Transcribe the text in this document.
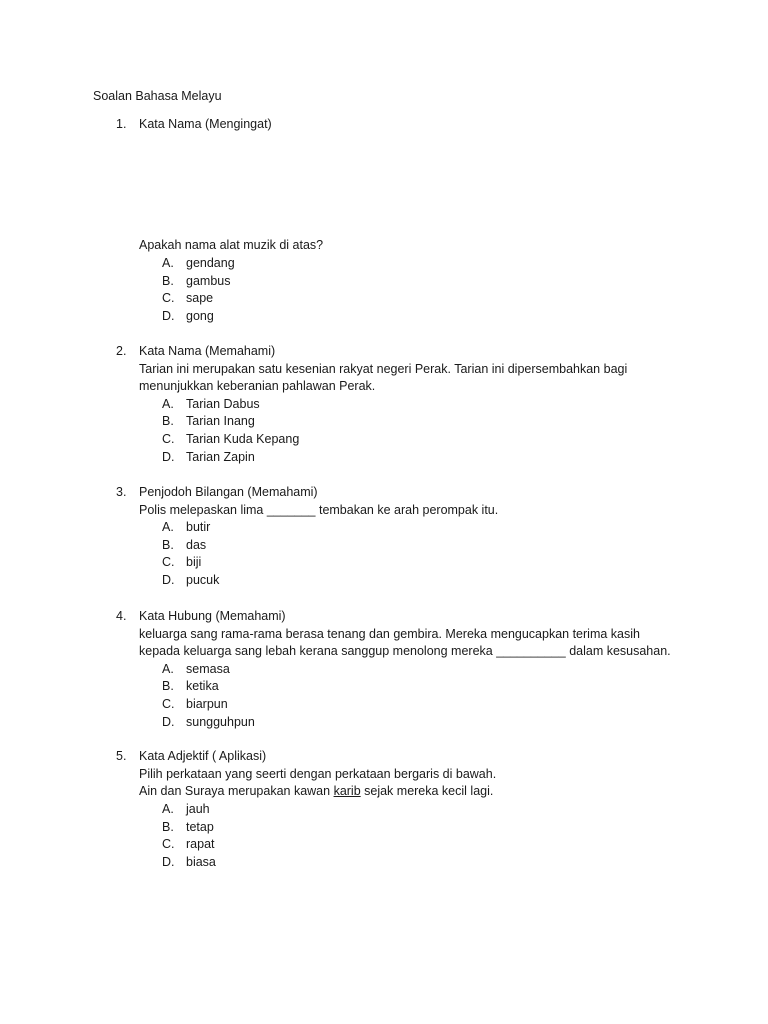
Soalan Bahasa Melayu
1. Kata Nama (Mengingat)
Apakah nama alat muzik di atas?
A. gendang
B. gambus
C. sape
D. gong
2. Kata Nama (Memahami)
Tarian ini merupakan satu kesenian rakyat negeri Perak. Tarian ini dipersembahkan bagi
menunjukkan keberanian pahlawan Perak.
A. Tarian Dabus
B. Tarian Inang
C. Tarian Kuda Kepang
D. Tarian Zapin
3. Penjodoh Bilangan (Memahami)
Polis melepaskan lima _______ tembakan ke arah perompak itu.
A. butir
B. das
C. biji
D. pucuk
4. Kata Hubung (Memahami)
keluarga sang rama-rama berasa tenang dan gembira. Mereka mengucapkan terima kasih
kepada keluarga sang lebah kerana sanggup menolong mereka __________ dalam kesusahan.
A. semasa
B. ketika
C. biarpun
D. sungguhpun
5. Kata Adjektif ( Aplikasi)
Pilih perkataan yang seerti dengan perkataan bergaris di bawah.
Ain dan Suraya merupakan kawan karib sejak mereka kecil lagi.
A. jauh
B. tetap
C. rapat
D. biasa
